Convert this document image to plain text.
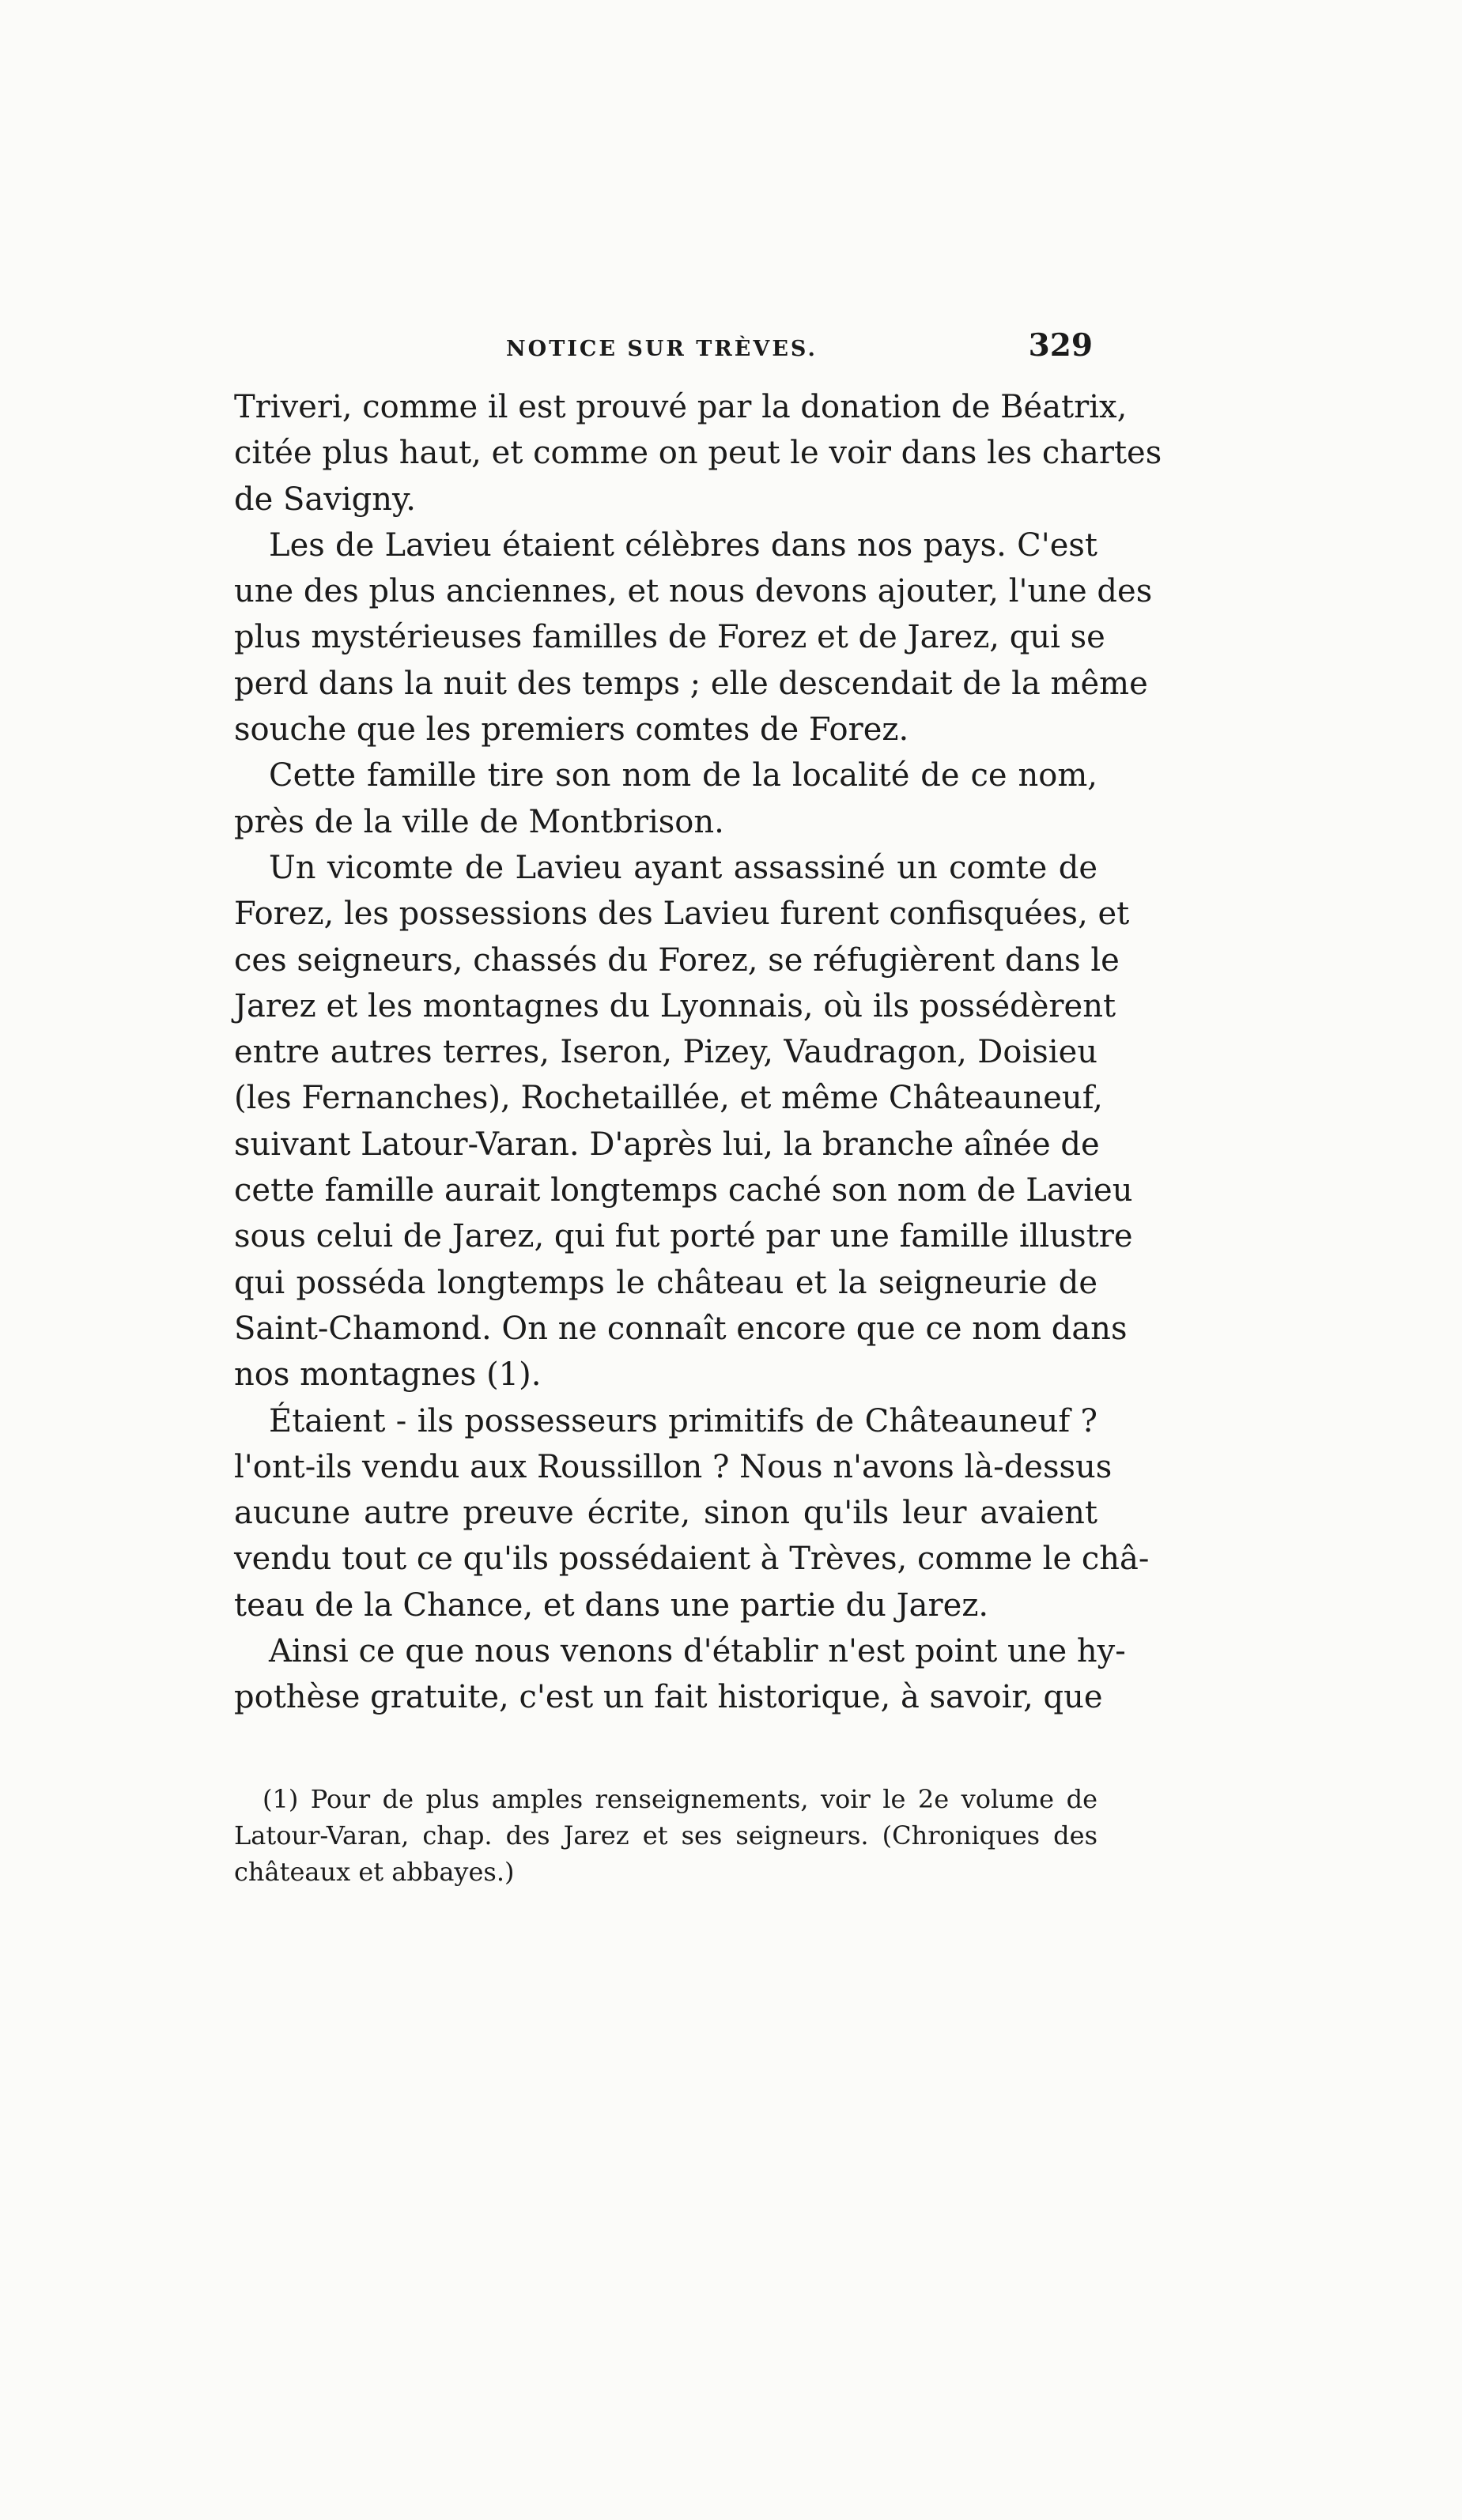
NOTICE SUR TRÈVES.	329
Triveri, comme il est prouvé par la donation de Béatrix,
citée plus haut, et comme on peut le voir dans les chartes
de Savigny.
Les de Lavieu étaient célèbres dans nos pays. C'est
une des plus anciennes, et nous devons ajouter, l'une des
plus mystérieuses familles de Forez et de Jarez, qui se
perd dans la nuit des temps ; elle descendait de la même
souche que les premiers comtes de Forez.
Cette famille tire son nom de la localité de ce nom,
près de la ville de Montbrison.
Un vicomte de Lavieu ayant assassiné un comte de
Forez, les possessions des Lavieu furent confisquées, et
ces seigneurs, chassés du Forez, se réfugièrent dans le
Jarez et les montagnes du Lyonnais, où ils possédèrent
entre autres terres, Iseron, Pizey, Vaudragon, Doisieu
(les Fernanches), Rochetaillée, et même Châteauneuf,
suivant Latour-Varan. D'après lui, la branche aînée de
cette famille aurait longtemps caché son nom de Lavieu
sous celui de Jarez, qui fut porté par une famille illustre
qui posséda longtemps le château et la seigneurie de
Saint-Chamond. On ne connaît encore que ce nom dans
nos montagnes (1).
Étaient - ils possesseurs primitifs de Châteauneuf ?
l'ont-ils vendu aux Roussillon ? Nous n'avons là-dessus
aucune autre preuve écrite, sinon qu'ils leur avaient
vendu tout ce qu'ils possédaient à Trèves, comme le châ-
teau de la Chance, et dans une partie du Jarez.
Ainsi ce que nous venons d'établir n'est point une hy-
pothèse gratuite, c'est un fait historique, à savoir, que
(1) Pour de plus amples renseignements, voir le 2e volume de
Latour-Varan, chap. des Jarez et ses seigneurs. (Chroniques des
châteaux et abbayes.)
